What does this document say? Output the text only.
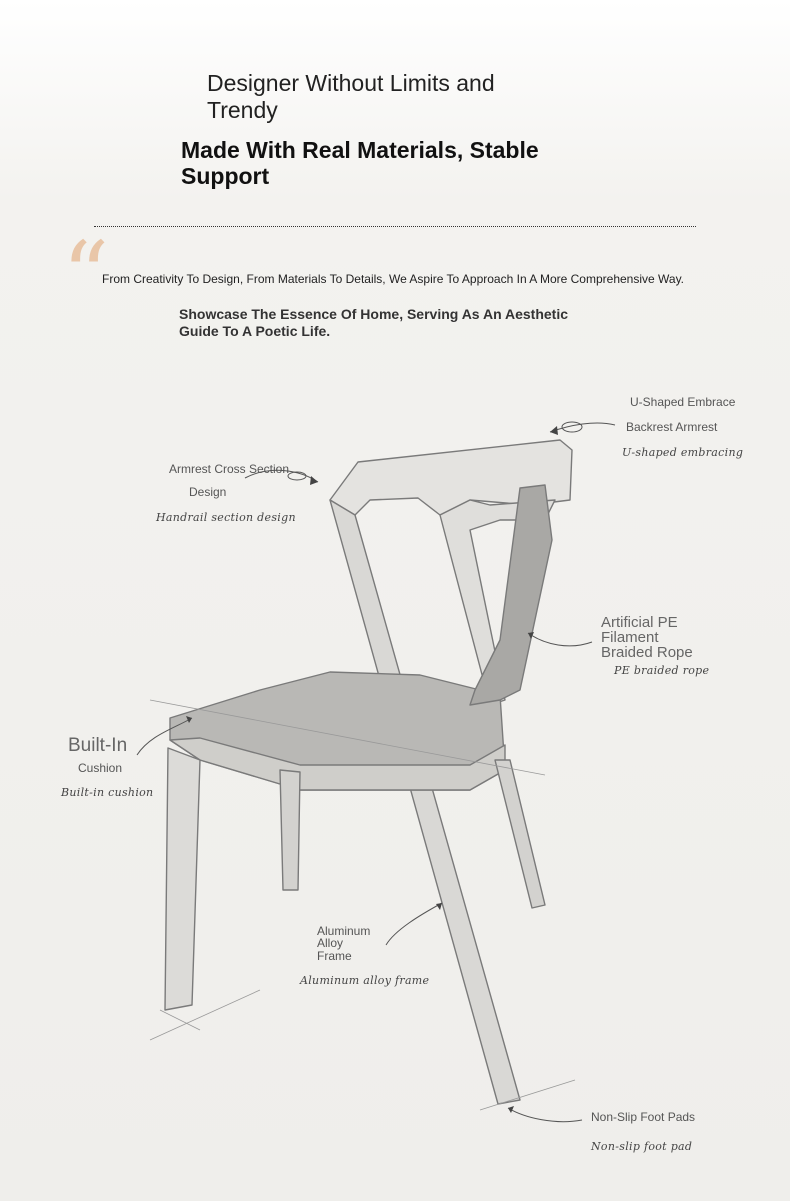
Designer Without Limits and Trendy
Made With Real Materials, Stable Support
“
From Creativity To Design, From Materials To Details, We Aspire To Approach In A More Comprehensive Way.
Showcase The Essence Of Home, Serving As An Aesthetic Guide To A Poetic Life.
U-Shaped Embrace
Backrest Armrest
U-shaped embracing
Armrest Cross Section
Design
Handrail section design
Artificial PE
Filament
Braided Rope
PE braided rope
Built-In
Cushion
Built-in cushion
Aluminum
Alloy
Frame
Aluminum alloy frame
Non-Slip Foot Pads
Non-slip foot pad
